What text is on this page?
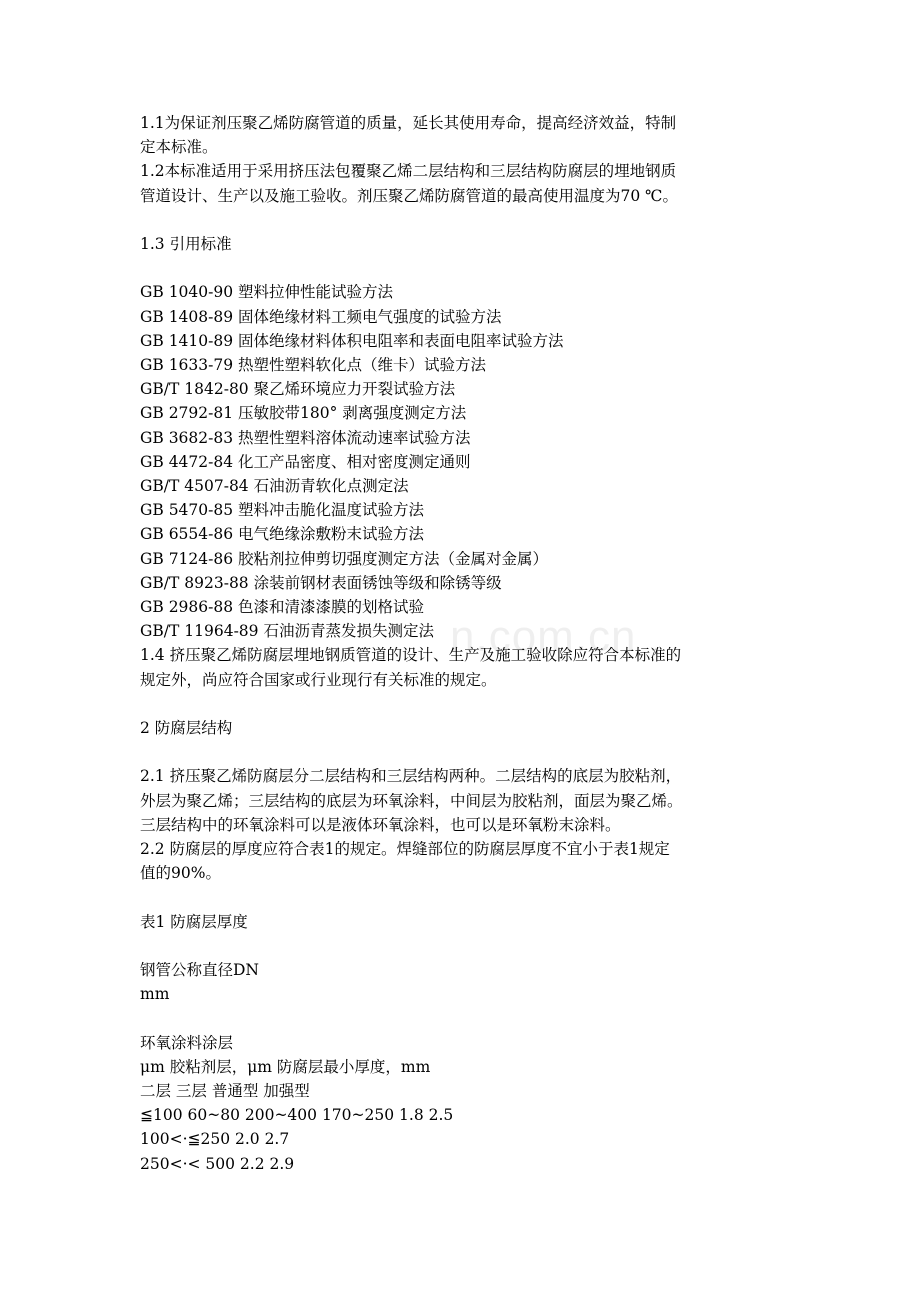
n.com.cn
1.1为保证剂压聚乙烯防腐管道的质量，延长其使用寿命，提高经济效益，特制
定本标准。
1.2本标准适用于采用挤压法包覆聚乙烯二层结构和三层结构防腐层的埋地钢质
管道设计、生产以及施工验收。剂压聚乙烯防腐管道的最高使用温度为70 ℃。
1.3 引用标准
GB 1040-90 塑料拉伸性能试验方法
GB 1408-89 固体绝缘材料工频电气强度的试验方法
GB 1410-89 固体绝缘材料体积电阻率和表面电阻率试验方法
GB 1633-79 热塑性塑料软化点（维卡）试验方法
GB/T 1842-80 聚乙烯环境应力开裂试验方法
GB 2792-81 压敏胶带180° 剥离强度测定方法
GB 3682-83 热塑性塑料溶体流动速率试验方法
GB 4472-84 化工产品密度、相对密度测定通则
GB/T 4507-84 石油沥青软化点测定法
GB 5470-85 塑料冲击脆化温度试验方法
GB 6554-86 电气绝缘涂敷粉末试验方法
GB 7124-86 胶粘剂拉伸剪切强度测定方法（金属对金属）
GB/T 8923-88 涂装前钢材表面锈蚀等级和除锈等级
GB 2986-88 色漆和清漆漆膜的划格试验
GB/T 11964-89 石油沥青蒸发损失测定法
1.4 挤压聚乙烯防腐层埋地钢质管道的设计、生产及施工验收除应符合本标准的
规定外，尚应符合国家或行业现行有关标准的规定。
2 防腐层结构
2.1 挤压聚乙烯防腐层分二层结构和三层结构两种。二层结构的底层为胶粘剂，
外层为聚乙烯；三层结构的底层为环氧涂料，中间层为胶粘剂，面层为聚乙烯。
三层结构中的环氧涂料可以是液体环氧涂料，也可以是环氧粉末涂料。
2.2 防腐层的厚度应符合表1的规定。焊缝部位的防腐层厚度不宜小于表1规定
值的90%。
表1 防腐层厚度
钢管公称直径DN
mm
环氧涂料涂层
μm 胶粘剂层，μm 防腐层最小厚度，mm
二层 三层 普通型 加强型
≦100 60~80 200~400 170~250 1.8 2.5
100<·≦250 2.0 2.7
250<·< 500 2.2 2.9
